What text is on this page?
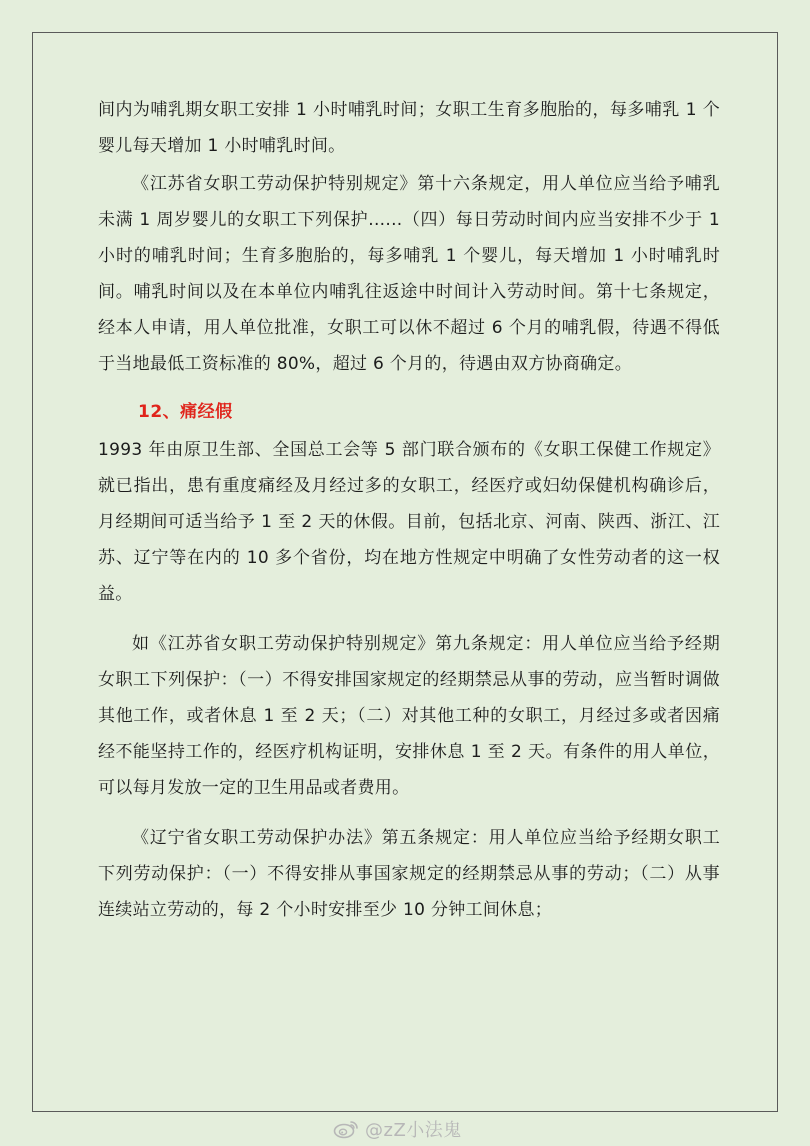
间内为哺乳期女职工安排 1 小时哺乳时间；女职工生育多胞胎的，每多哺乳 1 个婴儿每天增加 1 小时哺乳时间。

《江苏省女职工劳动保护特别规定》第十六条规定，用人单位应当给予哺乳未满 1 周岁婴儿的女职工下列保护......（四）每日劳动时间内应当安排不少于 1 小时的哺乳时间；生育多胞胎的，每多哺乳 1 个婴儿，每天增加 1 小时哺乳时间。哺乳时间以及在本单位内哺乳往返途中时间计入劳动时间。第十七条规定，经本人申请，用人单位批准，女职工可以休不超过 6 个月的哺乳假，待遇不得低于当地最低工资标准的 80%，超过 6 个月的，待遇由双方协商确定。

12、痛经假

1993 年由原卫生部、全国总工会等 5 部门联合颁布的《女职工保健工作规定》就已指出，患有重度痛经及月经过多的女职工，经医疗或妇幼保健机构确诊后，月经期间可适当给予 1 至 2 天的休假。目前，包括北京、河南、陕西、浙江、江苏、辽宁等在内的 10 多个省份，均在地方性规定中明确了女性劳动者的这一权益。

如《江苏省女职工劳动保护特别规定》第九条规定：用人单位应当给予经期女职工下列保护：（一）不得安排国家规定的经期禁忌从事的劳动，应当暂时调做其他工作，或者休息 1 至 2 天；（二）对其他工种的女职工，月经过多或者因痛经不能坚持工作的，经医疗机构证明，安排休息 1 至 2 天。有条件的用人单位，可以每月发放一定的卫生用品或者费用。

《辽宁省女职工劳动保护办法》第五条规定：用人单位应当给予经期女职工下列劳动保护：（一）不得安排从事国家规定的经期禁忌从事的劳动；（二）从事连续站立劳动的，每 2 个小时安排至少 10 分钟工间休息；

@zZ小法鬼
